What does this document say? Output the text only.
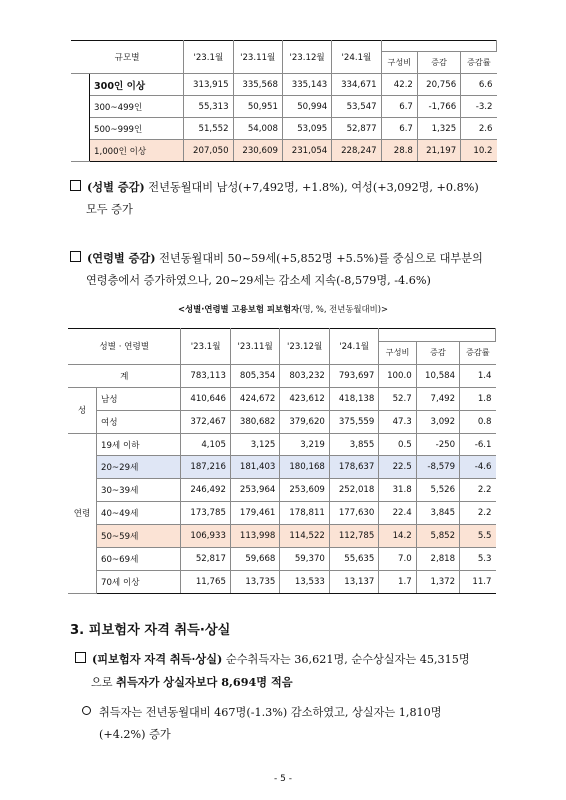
규모별		'23.1월	'23.11월	'23.12월	'24.1월			
						구성비	증감	증감률
	300인 이상	313,915	335,568	335,143	334,671	42.2	20,756	6.6
	300~499인	55,313	50,951	50,994	53,547	6.7	-1,766	-3.2
	500~999인	51,552	54,008	53,095	52,877	6.7	1,325	2.6
	1,000인 이상	207,050	230,609	231,054	228,247	28.8	21,197	10.2
(성별 증감) 전년동월대비 남성(+7,492명, +1.8%), 여성(+3,092명, +0.8%)
모두 증가
(연령별 증감) 전년동월대비 50~59세(+5,852명 +5.5%)를 중심으로 대부분의
연령층에서 증가하였으나, 20~29세는 감소세 지속(-8,579명, -4.6%)
<성별·연령별 고용보험 피보험자(명, %, 전년동월대비)>
성별 · 연령별		'23.1월	'23.11월	'23.12월	'24.1월			
						구성비	증감	증감률
계		783,113	805,354	803,232	793,697	100.0	10,584	1.4
성	남성	410,646	424,672	423,612	418,138	52.7	7,492	1.8
	여성	372,467	380,682	379,620	375,559	47.3	3,092	0.8
연령	19세 이하	4,105	3,125	3,219	3,855	0.5	-250	-6.1
	20~29세	187,216	181,403	180,168	178,637	22.5	-8,579	-4.6
	30~39세	246,492	253,964	253,609	252,018	31.8	5,526	2.2
	40~49세	173,785	179,461	178,811	177,630	22.4	3,845	2.2
	50~59세	106,933	113,998	114,522	112,785	14.2	5,852	5.5
	60~69세	52,817	59,668	59,370	55,635	7.0	2,818	5.3
	70세 이상	11,765	13,735	13,533	13,137	1.7	1,372	11.7
3. 피보험자 자격 취득·상실
(피보험자 자격 취득·상실) 순수취득자는 36,621명, 순수상실자는 45,315명
으로 취득자가 상실자보다 8,694명 적음
취득자는 전년동월대비 467명(-1.3%) 감소하였고, 상실자는 1,810명
(+4.2%) 증가
- 5 -
